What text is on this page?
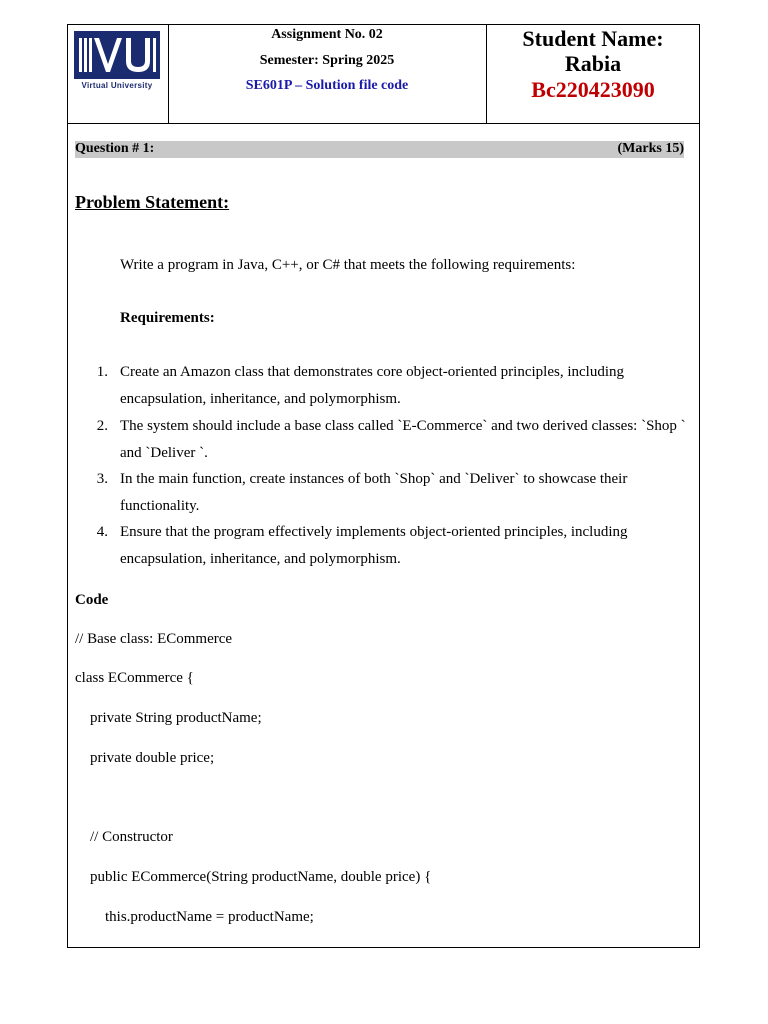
Virtual University
Assignment No. 02
Semester: Spring 2025
SE601P – Solution file code
Student Name:
Rabia
Bc220423090
Question # 1:	(Marks 15)
Problem Statement:
Write a program in Java, C++, or C# that meets the following requirements:
Requirements:
1. Create an Amazon class that demonstrates core object-oriented principles, including
encapsulation, inheritance, and polymorphism.
2. The system should include a base class called `E-Commerce` and two derived classes: `Shop `
and `Deliver `.
3. In the main function, create instances of both `Shop` and `Deliver` to showcase their
functionality.
4. Ensure that the program effectively implements object-oriented principles, including
encapsulation, inheritance, and polymorphism.
Code
// Base class: ECommerce
class ECommerce {
private String productName;
private double price;
// Constructor
public ECommerce(String productName, double price) {
this.productName = productName;
